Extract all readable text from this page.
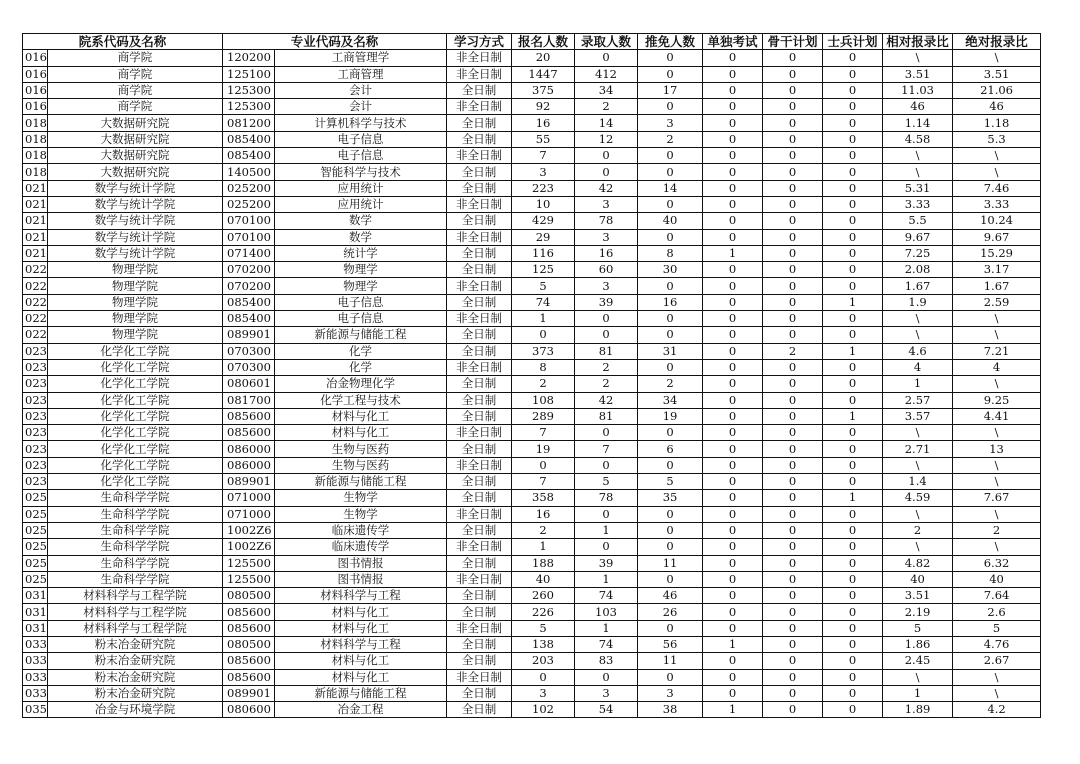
院系代码及名称		专业代码及名称		学习方式	报名人数	录取人数	推免人数	单独考试	骨干计划	士兵计划	相对报录比	绝对报录比
016	商学院	120200	工商管理学	非全日制	20	0	0	0	0	0	\	\
016	商学院	125100	工商管理	非全日制	1447	412	0	0	0	0	3.51	3.51
016	商学院	125300	会计	全日制	375	34	17	0	0	0	11.03	21.06
016	商学院	125300	会计	非全日制	92	2	0	0	0	0	46	46
018	大数据研究院	081200	计算机科学与技术	全日制	16	14	3	0	0	0	1.14	1.18
018	大数据研究院	085400	电子信息	全日制	55	12	2	0	0	0	4.58	5.3
018	大数据研究院	085400	电子信息	非全日制	7	0	0	0	0	0	\	\
018	大数据研究院	140500	智能科学与技术	全日制	3	0	0	0	0	0	\	\
021	数学与统计学院	025200	应用统计	全日制	223	42	14	0	0	0	5.31	7.46
021	数学与统计学院	025200	应用统计	非全日制	10	3	0	0	0	0	3.33	3.33
021	数学与统计学院	070100	数学	全日制	429	78	40	0	0	0	5.5	10.24
021	数学与统计学院	070100	数学	非全日制	29	3	0	0	0	0	9.67	9.67
021	数学与统计学院	071400	统计学	全日制	116	16	8	1	0	0	7.25	15.29
022	物理学院	070200	物理学	全日制	125	60	30	0	0	0	2.08	3.17
022	物理学院	070200	物理学	非全日制	5	3	0	0	0	0	1.67	1.67
022	物理学院	085400	电子信息	全日制	74	39	16	0	0	1	1.9	2.59
022	物理学院	085400	电子信息	非全日制	1	0	0	0	0	0	\	\
022	物理学院	089901	新能源与储能工程	全日制	0	0	0	0	0	0	\	\
023	化学化工学院	070300	化学	全日制	373	81	31	0	2	1	4.6	7.21
023	化学化工学院	070300	化学	非全日制	8	2	0	0	0	0	4	4
023	化学化工学院	080601	冶金物理化学	全日制	2	2	2	0	0	0	1	\
023	化学化工学院	081700	化学工程与技术	全日制	108	42	34	0	0	0	2.57	9.25
023	化学化工学院	085600	材料与化工	全日制	289	81	19	0	0	1	3.57	4.41
023	化学化工学院	085600	材料与化工	非全日制	7	0	0	0	0	0	\	\
023	化学化工学院	086000	生物与医药	全日制	19	7	6	0	0	0	2.71	13
023	化学化工学院	086000	生物与医药	非全日制	0	0	0	0	0	0	\	\
023	化学化工学院	089901	新能源与储能工程	全日制	7	5	5	0	0	0	1.4	\
025	生命科学学院	071000	生物学	全日制	358	78	35	0	0	1	4.59	7.67
025	生命科学学院	071000	生物学	非全日制	16	0	0	0	0	0	\	\
025	生命科学学院	1002Z6	临床遗传学	全日制	2	1	0	0	0	0	2	2
025	生命科学学院	1002Z6	临床遗传学	非全日制	1	0	0	0	0	0	\	\
025	生命科学学院	125500	图书情报	全日制	188	39	11	0	0	0	4.82	6.32
025	生命科学学院	125500	图书情报	非全日制	40	1	0	0	0	0	40	40
031	材料科学与工程学院	080500	材料科学与工程	全日制	260	74	46	0	0	0	3.51	7.64
031	材料科学与工程学院	085600	材料与化工	全日制	226	103	26	0	0	0	2.19	2.6
031	材料科学与工程学院	085600	材料与化工	非全日制	5	1	0	0	0	0	5	5
033	粉末冶金研究院	080500	材料科学与工程	全日制	138	74	56	1	0	0	1.86	4.76
033	粉末冶金研究院	085600	材料与化工	全日制	203	83	11	0	0	0	2.45	2.67
033	粉末冶金研究院	085600	材料与化工	非全日制	0	0	0	0	0	0	\	\
033	粉末冶金研究院	089901	新能源与储能工程	全日制	3	3	3	0	0	0	1	\
035	冶金与环境学院	080600	冶金工程	全日制	102	54	38	1	0	0	1.89	4.2
